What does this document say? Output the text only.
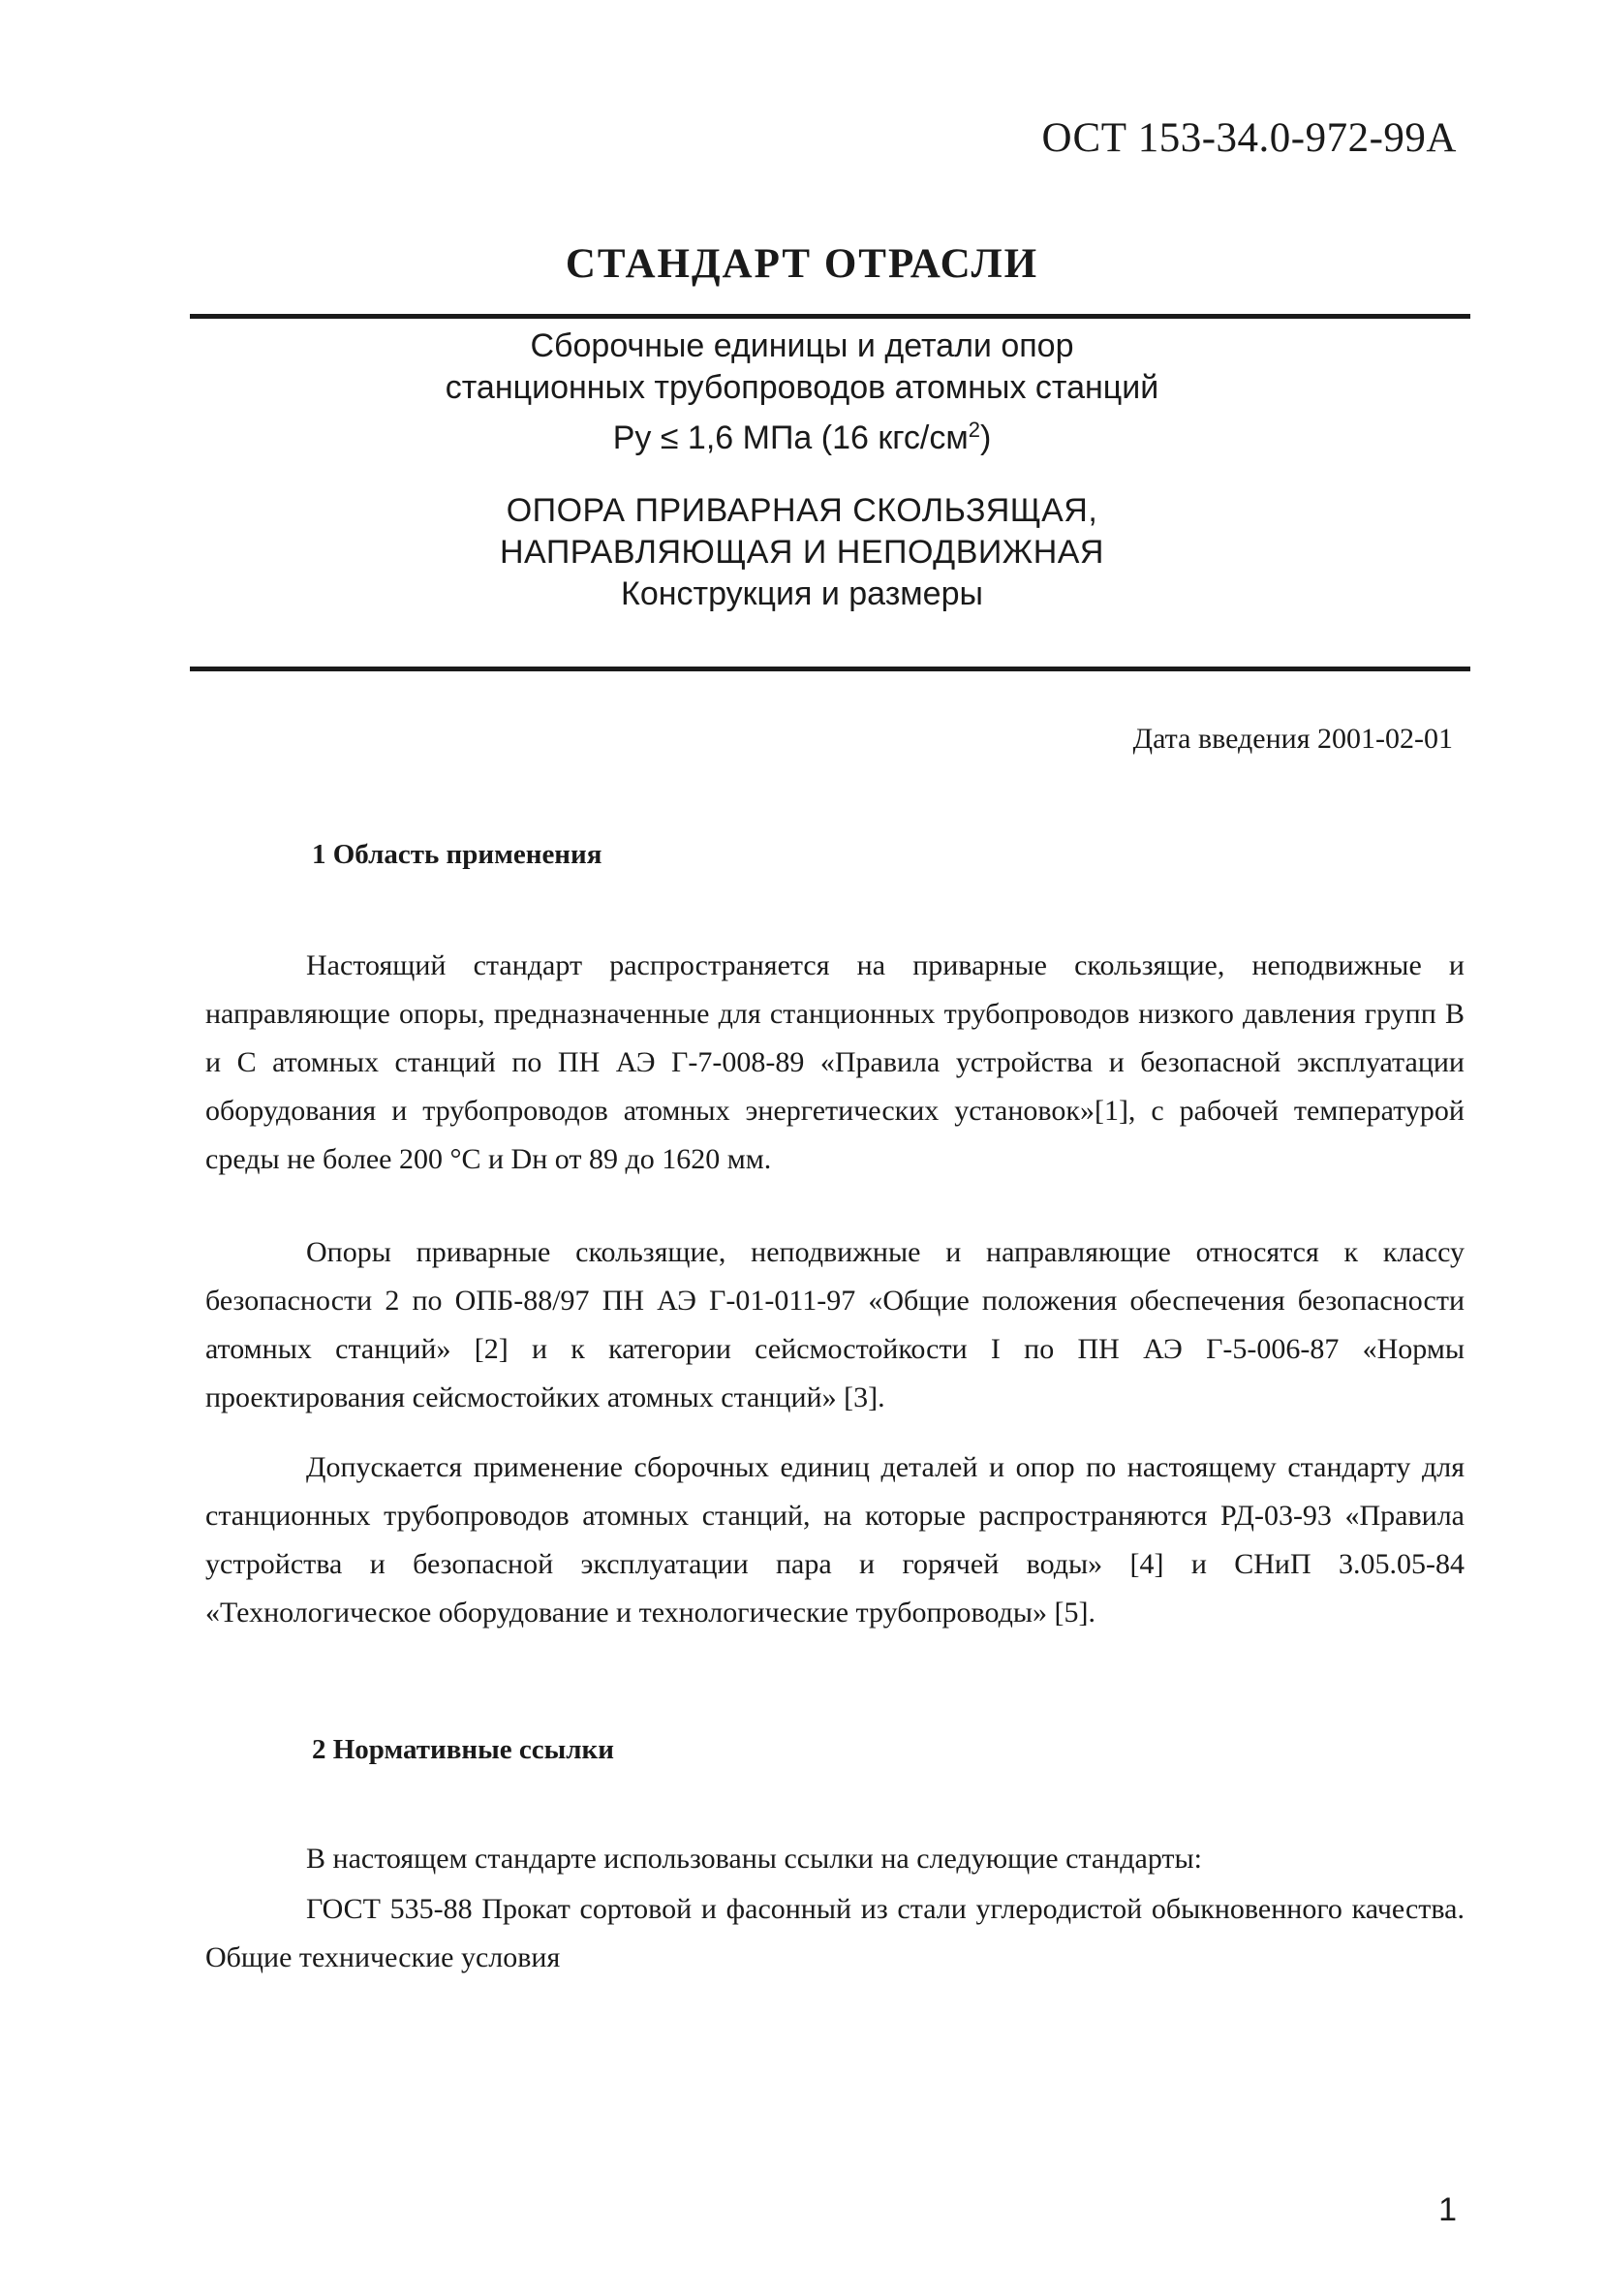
ОСТ 153-34.0-972-99А
СТАНДАРТ ОТРАСЛИ
Сборочные единицы и детали опор
станционных трубопроводов атомных станций
Ру ≤ 1,6 МПа (16 кгс/$см^2$)
ОПОРА ПРИВАРНАЯ СКОЛЬЗЯЩАЯ,
НАПРАВЛЯЮЩАЯ И НЕПОДВИЖНАЯ
Конструкция и размеры
Дата введения 2001-02-01
1 Область применения
Настоящий стандарт распространяется на приварные скользящие, неподвижные и направляющие опоры, предназначенные для станционных трубопроводов низкого давления групп В и С атомных станций по ПН АЭ Г-7-008-89 «Правила устройства и безопасной эксплуатации оборудования и трубопроводов атомных энергетических установок»[1], с рабочей температурой среды не более 200 °С и Dн от 89 до 1620 мм.
Опоры приварные скользящие, неподвижные и направляющие относятся к классу безопасности 2 по ОПБ-88/97 ПН АЭ Г-01-011-97 «Общие положения обеспечения безопасности атомных станций» [2] и к категории сейсмостойкости I по ПН АЭ Г-5-006-87 «Нормы проектирования сейсмостойких атомных станций» [3].
Допускается применение сборочных единиц деталей и опор по настоящему стандарту для станционных трубопроводов атомных станций, на которые распространяются РД-03-93 «Правила устройства и безопасной эксплуатации пара и горячей воды» [4] и СНиП 3.05.05-84 «Технологическое оборудование и технологические трубопроводы» [5].
2 Нормативные ссылки
В настоящем стандарте использованы ссылки на следующие стандарты:
ГОСТ 535-88 Прокат сортовой и фасонный из стали углеродистой обыкновенного качества. Общие технические условия
1
